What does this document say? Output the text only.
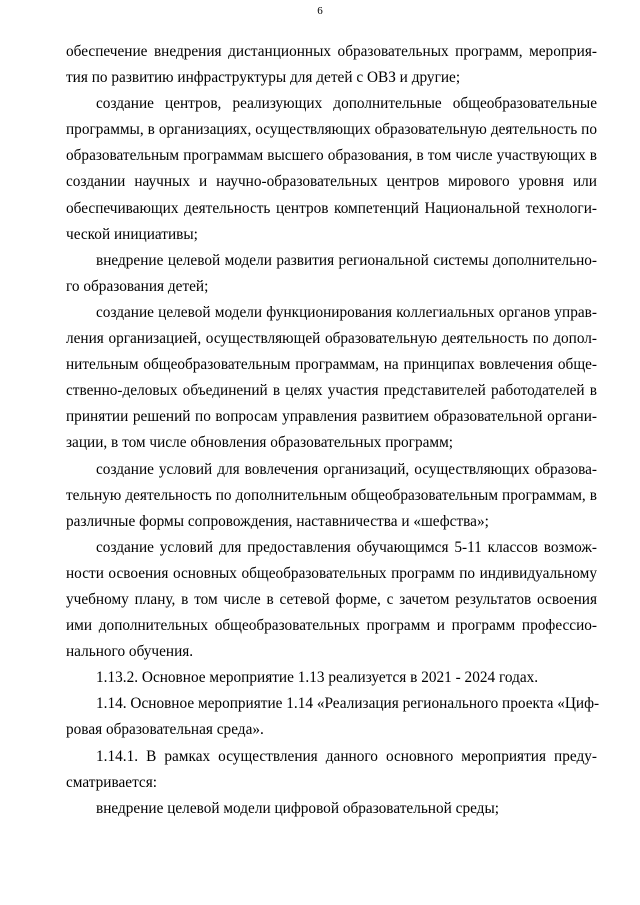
6
обеспечение внедрения дистанционных образовательных программ, мероприя-
тия по развитию инфраструктуры для детей с ОВЗ и другие;
создание центров, реализующих дополнительные общеобразовательные
программы, в организациях, осуществляющих образовательную деятельность по
образовательным программам высшего образования, в том числе участвующих в
создании научных и научно-образовательных центров мирового уровня или
обеспечивающих деятельность центров компетенций Национальной технологи-
ческой инициативы;
внедрение целевой модели развития региональной системы дополнительно-
го образования детей;
создание целевой модели функционирования коллегиальных органов управ-
ления организацией, осуществляющей образовательную деятельность по допол-
нительным общеобразовательным программам, на принципах вовлечения обще-
ственно-деловых объединений в целях участия представителей работодателей в
принятии решений по вопросам управления развитием образовательной органи-
зации, в том числе обновления образовательных программ;
создание условий для вовлечения организаций, осуществляющих образова-
тельную деятельность по дополнительным общеобразовательным программам, в
различные формы сопровождения, наставничества и «шефства»;
создание условий для предоставления обучающимся 5-11 классов возмож-
ности освоения основных общеобразовательных программ по индивидуальному
учебному плану, в том числе в сетевой форме, с зачетом результатов освоения
ими дополнительных общеобразовательных программ и программ профессио-
нального обучения.
1.13.2. Основное мероприятие 1.13 реализуется в 2021 - 2024 годах.
1.14. Основное мероприятие 1.14 «Реализация регионального проекта «Циф-
ровая образовательная среда».
1.14.1. В рамках осуществления данного основного мероприятия преду-
сматривается:
внедрение целевой модели цифровой образовательной среды;
